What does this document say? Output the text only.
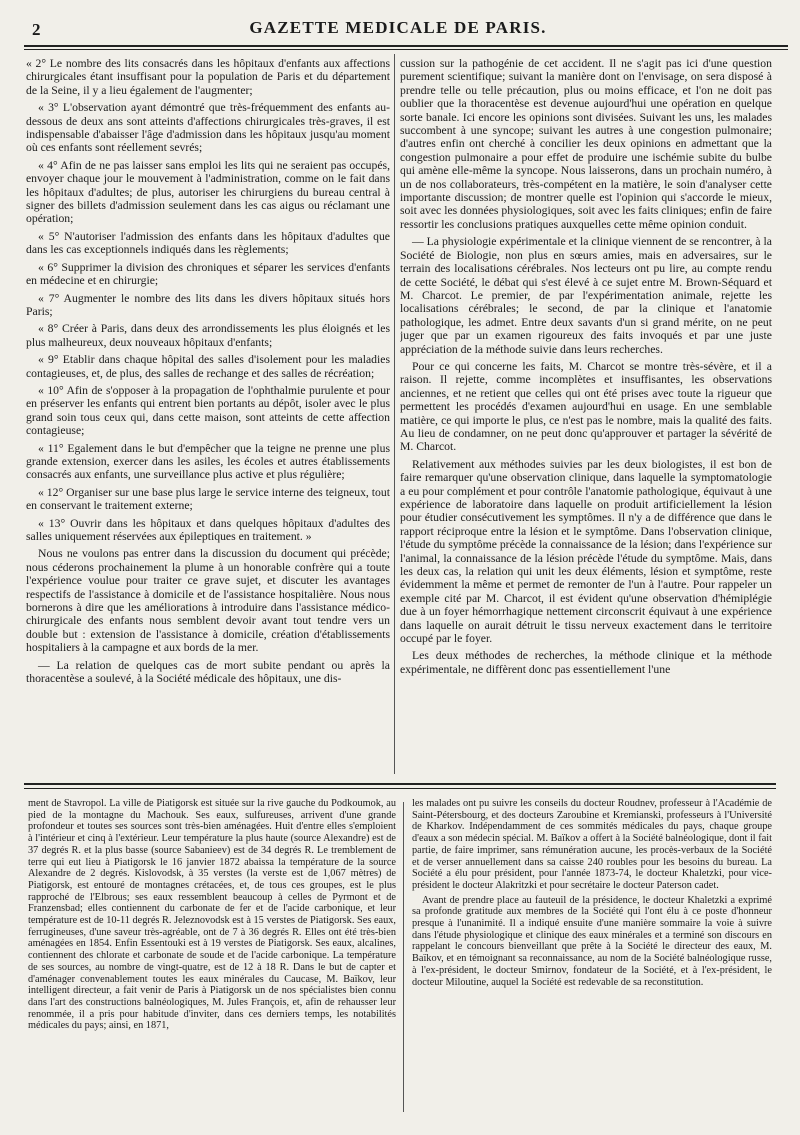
2	GAZETTE MEDICALE DE PARIS.

« 2° Le nombre des lits consacrés dans les hôpitaux d'enfants aux affections chirurgicales étant insuffisant pour la population de Paris et du département de la Seine, il y a lieu également de l'augmenter;

« 3° L'observation ayant démontré que très-fréquemment des enfants au-dessous de deux ans sont atteints d'affections chirurgicales très-graves, il est indispensable d'abaisser l'âge d'admission dans les hôpitaux jusqu'au moment où ces enfants sont réellement sevrés;

« 4° Afin de ne pas laisser sans emploi les lits qui ne seraient pas occupés, envoyer chaque jour le mouvement à l'administration, comme on le fait dans les hôpitaux d'adultes; de plus, autoriser les chirurgiens du bureau central à signer des billets d'admission seulement dans les cas aigus ou réclamant une opération;

« 5° N'autoriser l'admission des enfants dans les hôpitaux d'adultes que dans les cas exceptionnels indiqués dans les règlements;

« 6° Supprimer la division des chroniques et séparer les services d'enfants en médecine et en chirurgie;

« 7° Augmenter le nombre des lits dans les divers hôpitaux situés hors Paris;

« 8° Créer à Paris, dans deux des arrondissements les plus éloignés et les plus malheureux, deux nouveaux hôpitaux d'enfants;

« 9° Etablir dans chaque hôpital des salles d'isolement pour les maladies contagieuses, et, de plus, des salles de rechange et des salles de récréation;

« 10° Afin de s'opposer à la propagation de l'ophthalmie purulente et pour en préserver les enfants qui entrent bien portants au dépôt, isoler avec le plus grand soin tous ceux qui, dans cette maison, sont atteints de cette affection contagieuse;

« 11° Egalement dans le but d'empêcher que la teigne ne prenne une plus grande extension, exercer dans les asiles, les écoles et autres établissements consacrés aux enfants, une surveillance plus active et plus régulière;

« 12° Organiser sur une base plus large le service interne des teigneux, tout en conservant le traitement externe;

« 13° Ouvrir dans les hôpitaux et dans quelques hôpitaux d'adultes des salles uniquement réservées aux épileptiques en traitement. »

Nous ne voulons pas entrer dans la discussion du document qui précède; nous céderons prochainement la plume à un honorable confrère qui a toute l'expérience voulue pour traiter ce grave sujet, et discuter les avantages respectifs de l'assistance à domicile et de l'assistance hospitalière. Nous nous bornerons à dire que les améliorations à introduire dans l'assistance médico-chirurgicale des enfants nous semblent devoir avant tout tendre vers un double but : extension de l'assistance à domicile, création d'établissements hospitaliers à la campagne et aux bords de la mer.

— La relation de quelques cas de mort subite pendant ou après la thoracentèse a soulevé, à la Société médicale des hôpitaux, une dis-

cussion sur la pathogénie de cet accident. Il ne s'agit pas ici d'une question purement scientifique; suivant la manière dont on l'envisage, on sera disposé à prendre telle ou telle précaution, plus ou moins efficace, et l'on ne doit pas oublier que la thoracentèse est devenue aujourd'hui une opération en quelque sorte banale. Ici encore les opinions sont divisées. Suivant les uns, les malades succombent à une syncope; suivant les autres à une congestion pulmonaire; d'autres enfin ont cherché à concilier les deux opinions en admettant que la congestion pulmonaire a pour effet de produire une ischémie subite du bulbe qui amène elle-même la syncope. Nous laisserons, dans un prochain numéro, à un de nos collaborateurs, très-compétent en la matière, le soin d'analyser cette importante discussion; de montrer quelle est l'opinion qui s'accorde le mieux, soit avec les données physiologiques, soit avec les faits cliniques; enfin de faire ressortir les conclusions pratiques auxquelles cette même opinion conduit.

— La physiologie expérimentale et la clinique viennent de se rencontrer, à la Société de Biologie, non plus en sœurs amies, mais en adversaires, sur le terrain des localisations cérébrales. Nos lecteurs ont pu lire, au compte rendu de cette Société, le débat qui s'est élevé à ce sujet entre M. Brown-Séquard et M. Charcot. Le premier, de par l'expérimentation animale, rejette les localisations cérébrales; le second, de par la clinique et l'anatomie pathologique, les admet. Entre deux savants d'un si grand mérite, on ne peut juger que par un examen rigoureux des faits invoqués et par une juste appréciation de la méthode suivie dans leurs recherches.

Pour ce qui concerne les faits, M. Charcot se montre très-sévère, et il a raison. Il rejette, comme incomplètes et insuffisantes, les observations anciennes, et ne retient que celles qui ont été prises avec toute la rigueur que permettent les procédés d'examen aujourd'hui en usage. En une semblable matière, ce qui importe le plus, ce n'est pas le nombre, mais la qualité des faits. Au lieu de condamner, on ne peut donc qu'approuver et partager la sévérité de M. Charcot.

Relativement aux méthodes suivies par les deux biologistes, il est bon de faire remarquer qu'une observation clinique, dans laquelle la symptomatologie a eu pour complément et pour contrôle l'anatomie pathologique, équivaut à une expérience de laboratoire dans laquelle on produit artificiellement la lésion pour étudier consécutivement les symptômes. Il n'y a de différence que dans le rapport réciproque entre la lésion et le symptôme. Dans l'observation clinique, l'étude du symptôme précède la connaissance de la lésion; dans l'expérience sur l'animal, la connaissance de la lésion précède l'étude du symptôme. Mais, dans les deux cas, la relation qui unit les deux éléments, lésion et symptôme, reste évidemment la même et permet de remonter de l'un à l'autre. Pour rappeler un exemple cité par M. Charcot, il est évident qu'une observation d'hémiplégie due à un foyer hémorrhagique nettement circonscrit équivaut à une expérience dans laquelle on aurait détruit le tissu nerveux exactement dans le territoire occupé par le foyer.

Les deux méthodes de recherches, la méthode clinique et la méthode expérimentale, ne diffèrent donc pas essentiellement l'une

ment de Stavropol. La ville de Piatigorsk est située sur la rive gauche du Podkoumok, au pied de la montagne du Machouk. Ses eaux, sulfureuses, arrivent d'une grande profondeur et toutes ses sources sont très-bien aménagées. Huit d'entre elles s'emploient à l'intérieur et cinq à l'extérieur. Leur température la plus haute (source Alexandre) est de 37 degrés R. et la plus basse (source Sabanieev) est de 34 degrés R. Le tremblement de terre qui eut lieu à Piatigorsk le 16 janvier 1872 abaissa la température de la source Alexandre de 2 degrés. Kislovodsk, à 35 verstes (la verste est de 1,067 mètres) de Piatigorsk, est entouré de montagnes crétacées, et, de tous ces groupes, est le plus rapproché de l'Elbrous; ses eaux ressemblent beaucoup à celles de Pyrmont et de Franzensbad; elles contiennent du carbonate de fer et de l'acide carbonique, et leur température est de 10-11 degrés R. Jeleznovodsk est à 15 verstes de Piatigorsk. Ses eaux, ferrugineuses, d'une saveur très-agréable, ont de 7 à 36 degrés R. Elles ont été très-bien aménagées en 1854. Enfin Essentouki est à 19 verstes de Piatigorsk. Ses eaux, alcalines, contiennent des chlorate et carbonate de soude et de l'acide carbonique. La température de ses sources, au nombre de vingt-quatre, est de 12 à 18 R. Dans le but de capter et d'aménager convenablement toutes les eaux minérales du Caucase, M. Baïkov, leur intelligent directeur, a fait venir de Paris à Piatigorsk un de nos spécialistes bien connu dans l'art des constructions balnéologiques, M. Jules François, et, afin de rehausser leur renommée, il a pris pour habitude d'inviter, dans ces derniers temps, les notabilités médicales du pays; ainsi, en 1871,

les malades ont pu suivre les conseils du docteur Roudnev, professeur à l'Académie de Saint-Pétersbourg, et des docteurs Zaroubine et Kremianski, professeurs à l'Université de Kharkov. Indépendamment de ces sommités médicales du pays, chaque groupe d'eaux a son médecin spécial. M. Baïkov a offert à la Société balnéologique, dont il fait partie, de faire imprimer, sans rémunération aucune, les procès-verbaux de la Société et de verser annuellement dans sa caisse 240 roubles pour les besoins du bureau. La Société a élu pour président, pour l'année 1873-74, le docteur Khaletzki, pour vice-président le docteur Alakritzki et pour secrétaire le docteur Paterson cadet.

Avant de prendre place au fauteuil de la présidence, le docteur Khaletzki a exprimé sa profonde gratitude aux membres de la Société qui l'ont élu à ce poste d'honneur presque à l'unanimité. Il a indiqué ensuite d'une manière sommaire la voie à suivre dans l'étude physiologique et clinique des eaux minérales et a terminé son discours en rappelant le concours bienveillant que prête à la Société le directeur des eaux, M. Baïkov, et en témoignant sa reconnaissance, au nom de la Société balnéologique russe, à l'ex-président, le docteur Smirnov, fondateur de la Société, et à l'ex-président, le docteur Miloutine, auquel la Société est redevable de sa reconstitution.
